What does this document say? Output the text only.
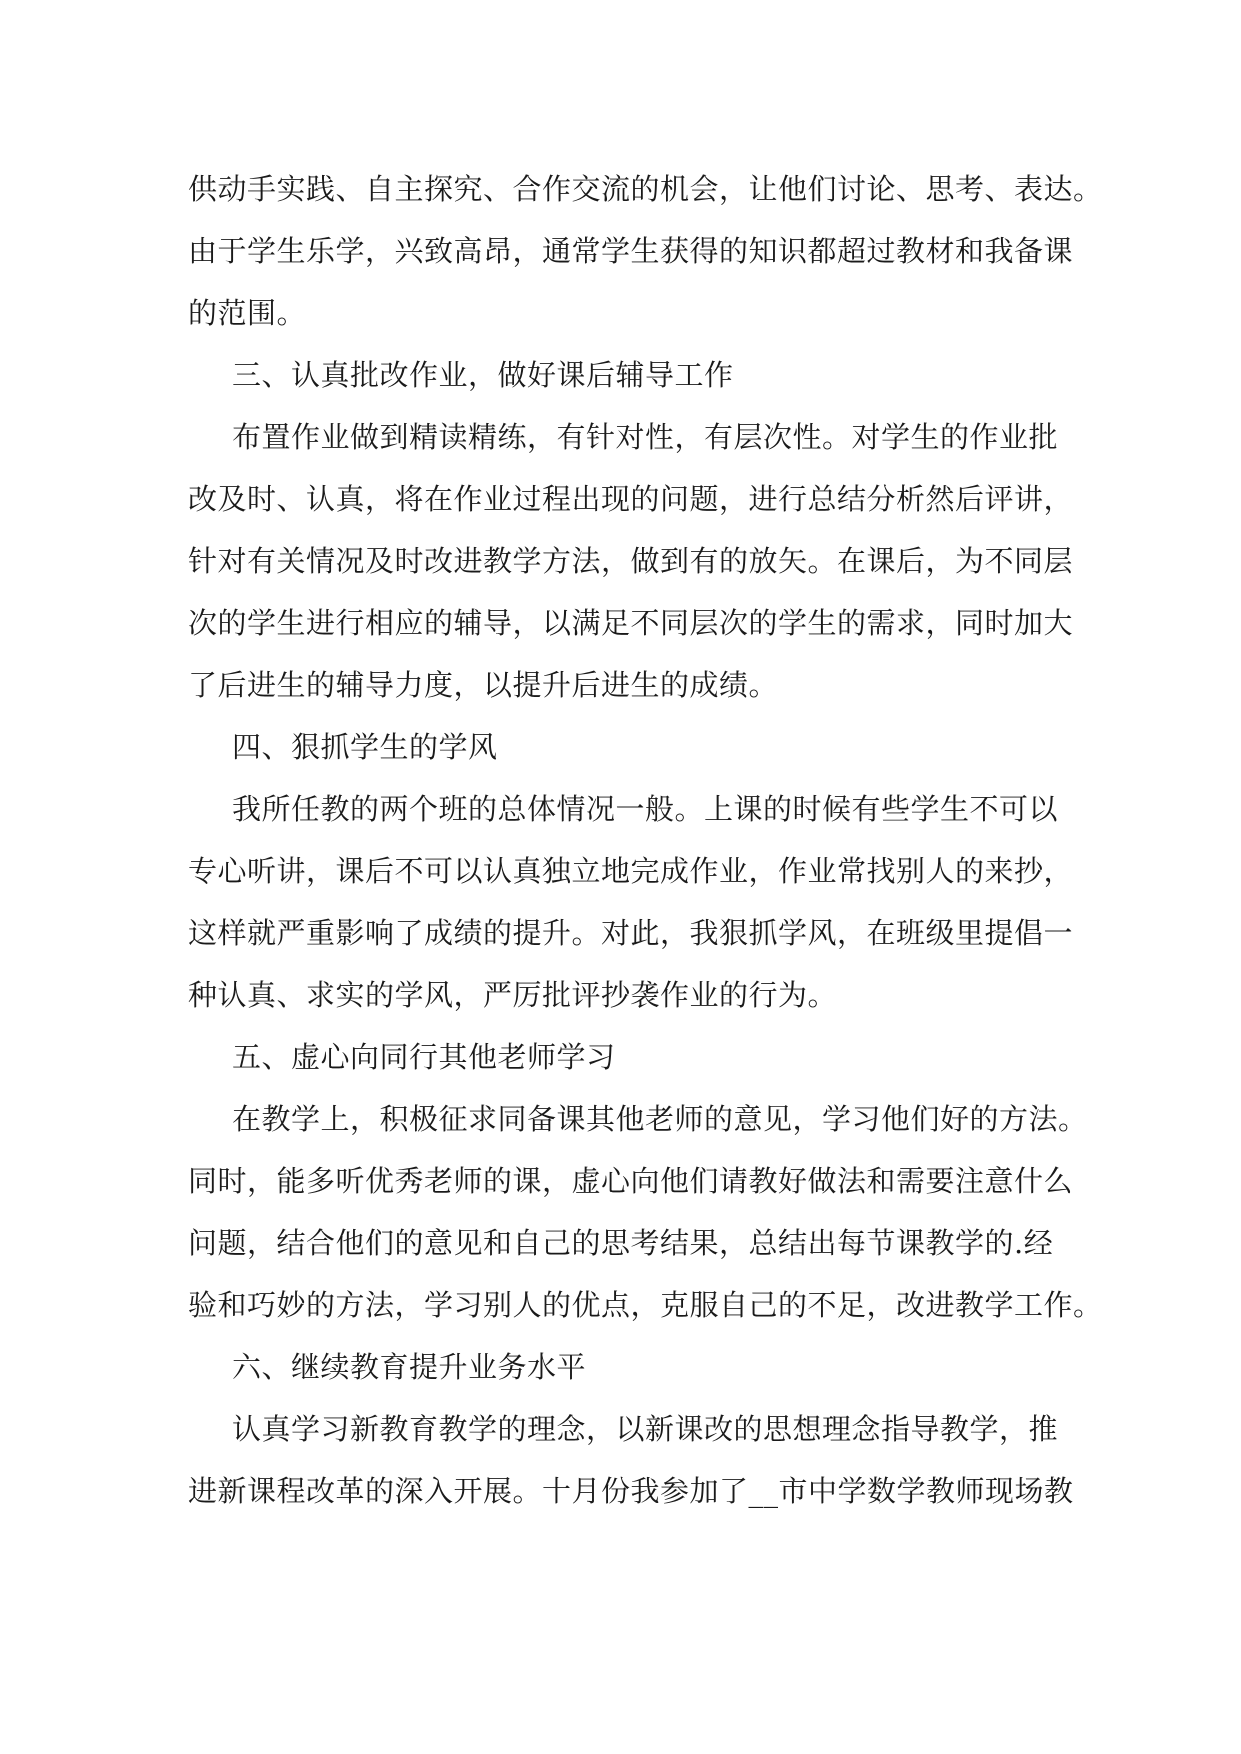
供动手实践、自主探究、合作交流的机会，让他们讨论、思考、表达。
由于学生乐学，兴致高昂，通常学生获得的知识都超过教材和我备课
的范围。
三、认真批改作业，做好课后辅导工作
布置作业做到精读精练，有针对性，有层次性。对学生的作业批
改及时、认真，将在作业过程出现的问题，进行总结分析然后评讲，
针对有关情况及时改进教学方法，做到有的放矢。在课后，为不同层
次的学生进行相应的辅导，以满足不同层次的学生的需求，同时加大
了后进生的辅导力度，以提升后进生的成绩。
四、狠抓学生的学风
我所任教的两个班的总体情况一般。上课的时候有些学生不可以
专心听讲，课后不可以认真独立地完成作业，作业常找别人的来抄，
这样就严重影响了成绩的提升。对此，我狠抓学风，在班级里提倡一
种认真、求实的学风，严厉批评抄袭作业的行为。
五、虚心向同行其他老师学习
在教学上，积极征求同备课其他老师的意见，学习他们好的方法。
同时，能多听优秀老师的课，虚心向他们请教好做法和需要注意什么
问题，结合他们的意见和自己的思考结果，总结出每节课教学的.经
验和巧妙的方法，学习别人的优点，克服自己的不足，改进教学工作。
六、继续教育提升业务水平
认真学习新教育教学的理念，以新课改的思想理念指导教学，推
进新课程改革的深入开展。十月份我参加了__市中学数学教师现场教
